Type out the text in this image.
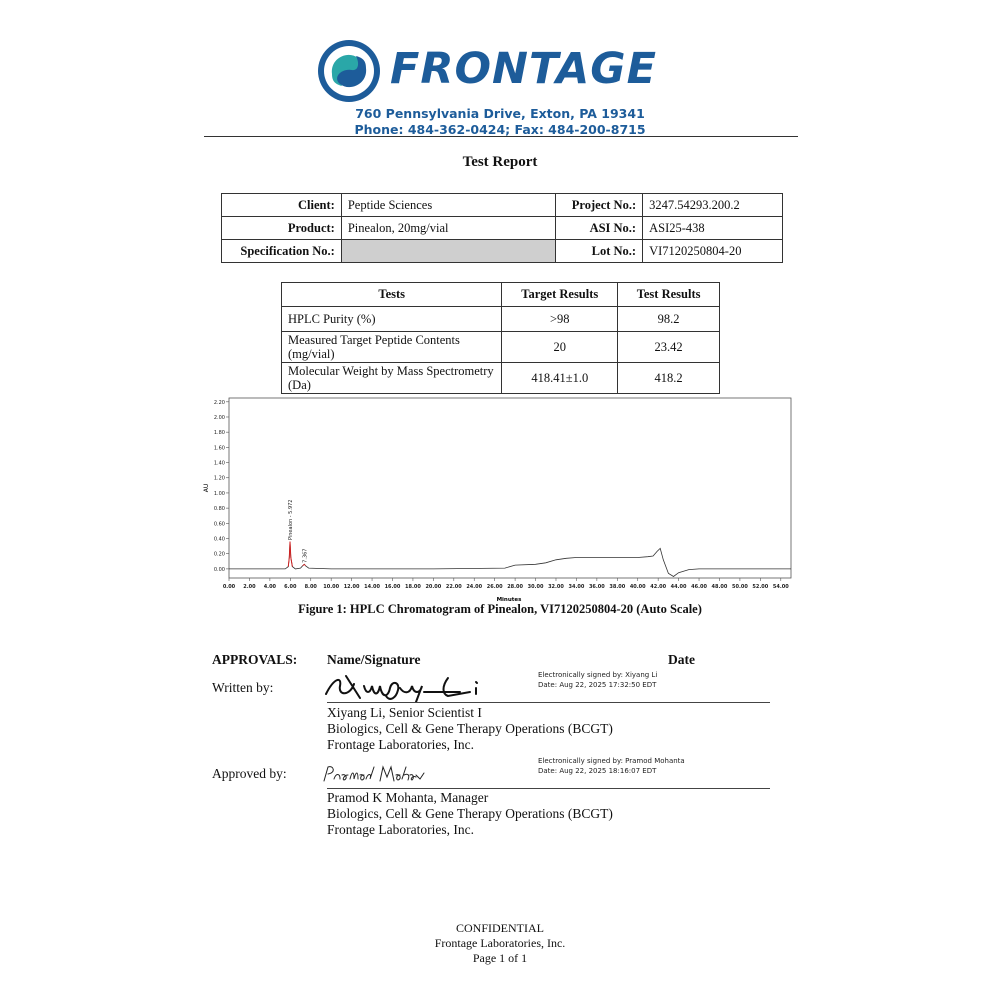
FRONTAGE
760 Pennsylvania Drive, Exton, PA 19341
Phone: 484-362-0424; Fax: 484-200-8715
Test Report
Client:	Peptide Sciences	Project No.:	3247.54293.200.2
Product:	Pinealon, 20mg/vial	ASI No.:	ASI25-438
Specification No.:		Lot No.:	VI7120250804-20
Tests	Target Results	Test Results
HPLC Purity (%)	>98	98.2
Measured Target Peptide Contents (mg/vial)	20	23.42
Molecular Weight by Mass Spectrometry (Da)	418.41±1.0	418.2
AU
Minutes
0.00
0.20
0.40
0.60
0.80
1.00
1.20
1.40
1.60
1.80
2.00
2.20
0.00 2.00 4.00 6.00 8.00 10.00 12.00 14.00 16.00 18.00 20.00 22.00 24.00 26.00 28.00 30.00 32.00 34.00 36.00 38.00 40.00 42.00 44.00 46.00 48.00 50.00 52.00 54.00
Pinealon - 5.972
7.367
Figure 1: HPLC Chromatogram of Pinealon, VI7120250804-20 (Auto Scale)
APPROVALS: Name/Signature	Date
Written by:
Electronically signed by: Xiyang Li
Date: Aug 22, 2025 17:32:50 EDT
Xiyang Li, Senior Scientist I
Biologics, Cell & Gene Therapy Operations (BCGT)
Frontage Laboratories, Inc.
Approved by:
Electronically signed by: Pramod Mohanta
Date: Aug 22, 2025 18:16:07 EDT
Pramod K Mohanta, Manager
Biologics, Cell & Gene Therapy Operations (BCGT)
Frontage Laboratories, Inc.
CONFIDENTIAL
Frontage Laboratories, Inc.
Page 1 of 1
